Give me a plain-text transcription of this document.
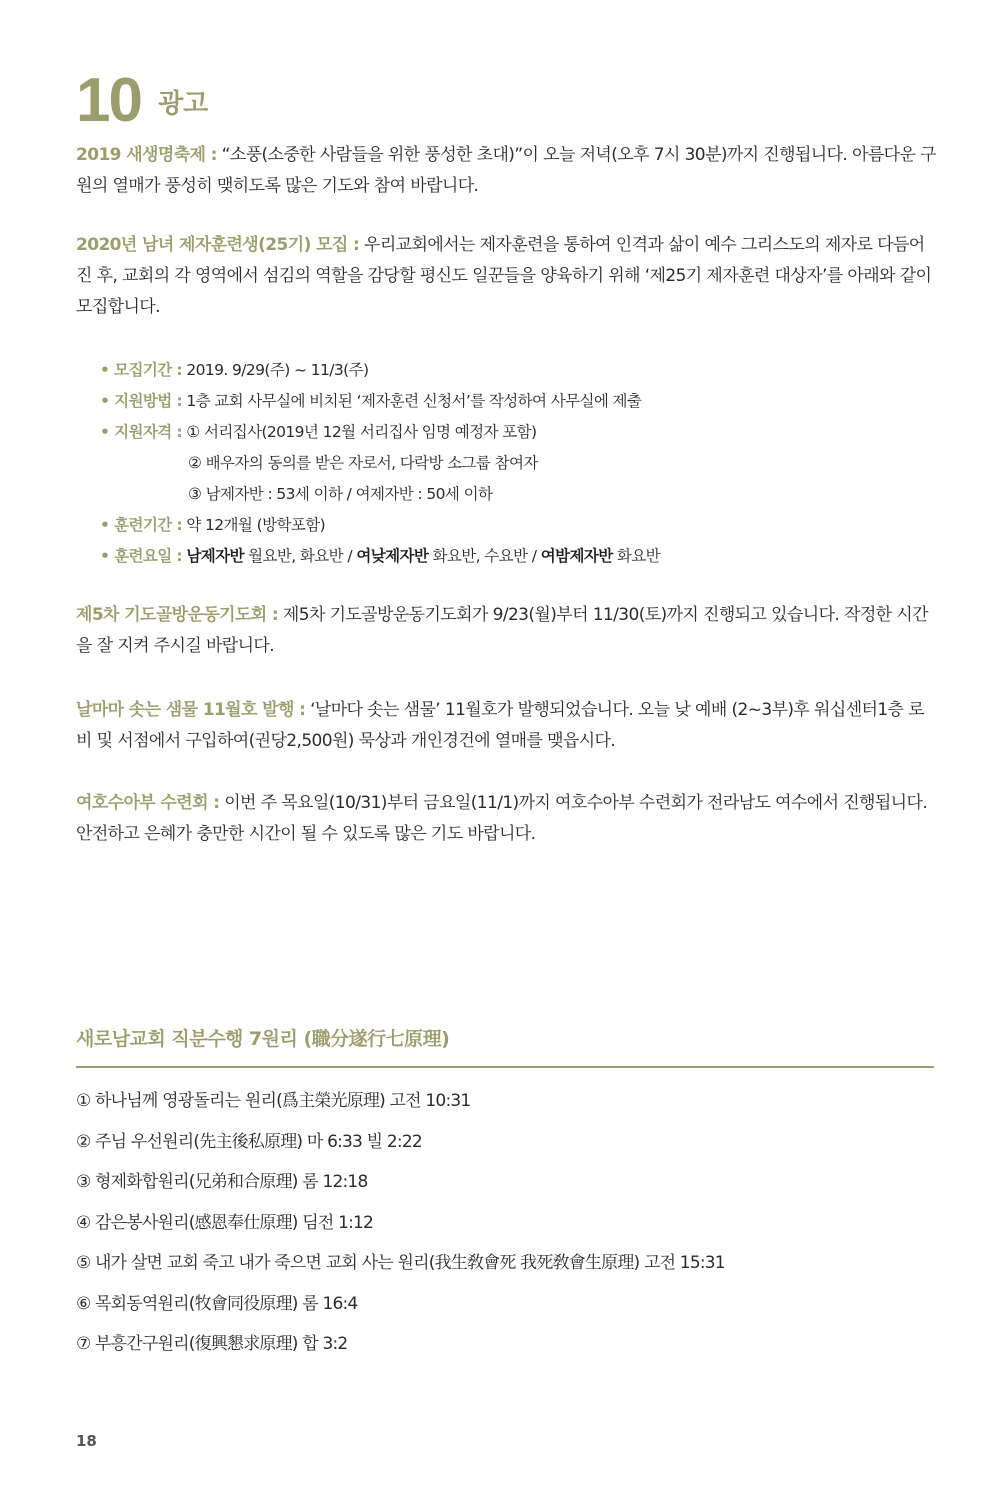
10 광고

2019 새생명축제 : “소풍(소중한 사람들을 위한 풍성한 초대)”이 오늘 저녁(오후 7시 30분)까지 진행됩니다. 아름다운 구원의 열매가 풍성히 맺히도록 많은 기도와 참여 바랍니다.

2020년 남녀 제자훈련생(25기) 모집 : 우리교회에서는 제자훈련을 통하여 인격과 삶이 예수 그리스도의 제자로 다듬어진 후, 교회의 각 영역에서 섬김의 역할을 감당할 평신도 일꾼들을 양육하기 위해 ‘제25기 제자훈련 대상자’를 아래와 같이 모집합니다.

• 모집기간 : 2019. 9/29(주) ~ 11/3(주)
• 지원방법 : 1층 교회 사무실에 비치된 ‘제자훈련 신청서’를 작성하여 사무실에 제출
• 지원자격 : ① 서리집사(2019년 12월 서리집사 임명 예정자 포함)
② 배우자의 동의를 받은 자로서, 다락방 소그룹 참여자
③ 남제자반 : 53세 이하 / 여제자반 : 50세 이하
• 훈련기간 : 약 12개월 (방학포함)
• 훈련요일 : 남제자반 월요반, 화요반 / 여낮제자반 화요반, 수요반 / 여밤제자반 화요반

제5차 기도골방운동기도회 : 제5차 기도골방운동기도회가 9/23(월)부터 11/30(토)까지 진행되고 있습니다. 작정한 시간을 잘 지켜 주시길 바랍니다.

날마마 솟는 샘물 11월호 발행 : ‘날마다 솟는 샘물’ 11월호가 발행되었습니다. 오늘 낮 예배 (2~3부)후 워십센터1층 로비 및 서점에서 구입하여(권당2,500원) 묵상과 개인경건에 열매를 맺읍시다.

여호수아부 수련회 : 이번 주 목요일(10/31)부터 금요일(11/1)까지 여호수아부 수련회가 전라남도 여수에서 진행됩니다. 안전하고 은혜가 충만한 시간이 될 수 있도록 많은 기도 바랍니다.

새로남교회 직분수행 7원리 (職分遂行七原理)
① 하나님께 영광돌리는 원리(爲主榮光原理) 고전 10:31
② 주님 우선원리(先主後私原理) 마 6:33 빌 2:22
③ 형제화합원리(兄弟和合原理) 롬 12:18
④ 감은봉사원리(感恩奉仕原理) 딤전 1:12
⑤ 내가 살면 교회 죽고 내가 죽으면 교회 사는 원리(我生敎會死 我死敎會生原理) 고전 15:31
⑥ 목회동역원리(牧會同役原理) 롬 16:4
⑦ 부흥간구원리(復興懇求原理) 합 3:2
18
